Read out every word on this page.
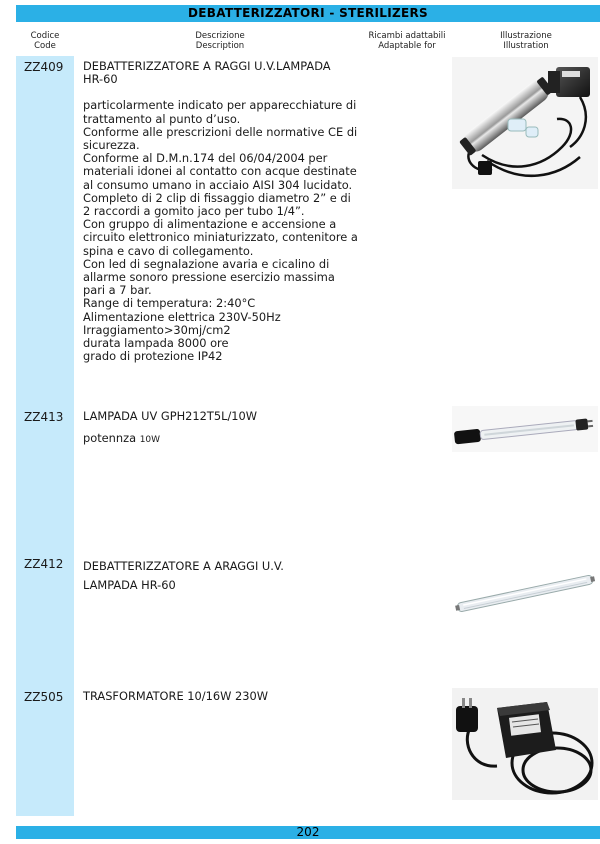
DEBATTERIZZATORI - STERILIZERS
Codice
Code
Descrizione
Description
Ricambi adattabili
Adaptable for
Illustrazione
Illustration
ZZ409 DEBATTERIZZATORE A RAGGI U.V.LAMPADA
HR-60
particolarmente indicato per apparecchiature di
trattamento al punto d’uso.
Conforme alle prescrizioni delle normative CE di
sicurezza.
Conforme al D.M.n.174 del 06/04/2004 per
materiali idonei al contatto con acque destinate
al consumo umano in acciaio AISI 304 lucidato.
Completo di 2 clip di fissaggio diametro 2” e di
2 raccordi a gomito jaco per tubo 1/4”.
Con gruppo di alimentazione e accensione a
circuito elettronico miniaturizzato, contenitore a
spina e cavo di collegamento.
Con led di segnalazione avaria e cicalino di
allarme sonoro pressione esercizio massima
pari a 7 bar.
Range di temperatura: 2:40°C
Alimentazione elettrica 230V-50Hz
Irraggiamento>30mj/cm2
durata lampada 8000 ore
grado di protezione IP42
ZZ413 LAMPADA UV GPH212T5L/10W
potennza 10W
ZZ412 DEBATTERIZZATORE A ARAGGI U.V.
LAMPADA HR-60
ZZ505 TRASFORMATORE 10/16W 230W
202
